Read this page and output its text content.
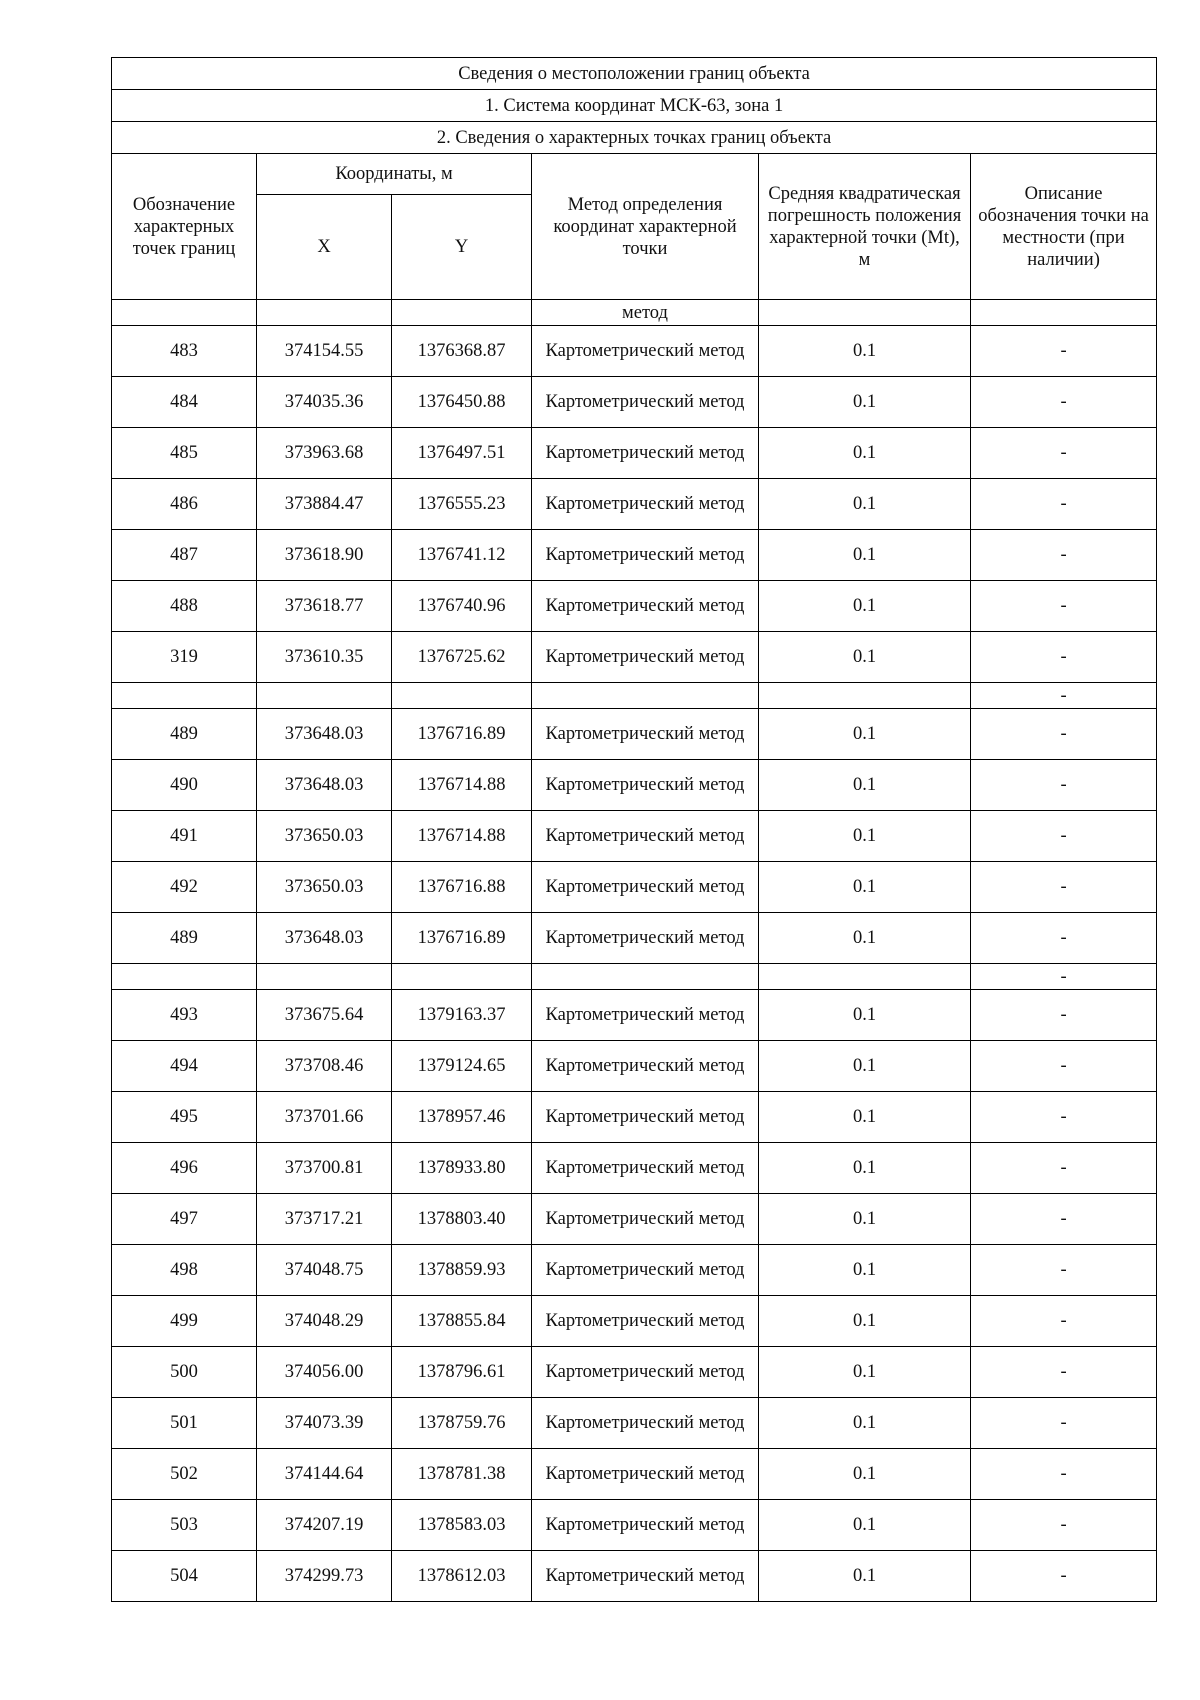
Сведения о местоположении границ объекта					
1. Система координат МСК-63, зона 1					
2. Сведения о характерных точках границ объекта					
Обозначение характерных точек границ	Координаты, м		Метод определения координат характерной точки	Средняя квадратическая погрешность положения характерной точки (Mt), м	Описание обозначения точки на местности (при наличии)
	X	Y			
			метод		
483	374154.55	1376368.87	Картометрический метод	0.1	-
484	374035.36	1376450.88	Картометрический метод	0.1	-
485	373963.68	1376497.51	Картометрический метод	0.1	-
486	373884.47	1376555.23	Картометрический метод	0.1	-
487	373618.90	1376741.12	Картометрический метод	0.1	-
488	373618.77	1376740.96	Картометрический метод	0.1	-
319	373610.35	1376725.62	Картометрический метод	0.1	-
					-
489	373648.03	1376716.89	Картометрический метод	0.1	-
490	373648.03	1376714.88	Картометрический метод	0.1	-
491	373650.03	1376714.88	Картометрический метод	0.1	-
492	373650.03	1376716.88	Картометрический метод	0.1	-
489	373648.03	1376716.89	Картометрический метод	0.1	-
					-
493	373675.64	1379163.37	Картометрический метод	0.1	-
494	373708.46	1379124.65	Картометрический метод	0.1	-
495	373701.66	1378957.46	Картометрический метод	0.1	-
496	373700.81	1378933.80	Картометрический метод	0.1	-
497	373717.21	1378803.40	Картометрический метод	0.1	-
498	374048.75	1378859.93	Картометрический метод	0.1	-
499	374048.29	1378855.84	Картометрический метод	0.1	-
500	374056.00	1378796.61	Картометрический метод	0.1	-
501	374073.39	1378759.76	Картометрический метод	0.1	-
502	374144.64	1378781.38	Картометрический метод	0.1	-
503	374207.19	1378583.03	Картометрический метод	0.1	-
504	374299.73	1378612.03	Картометрический метод	0.1	-
